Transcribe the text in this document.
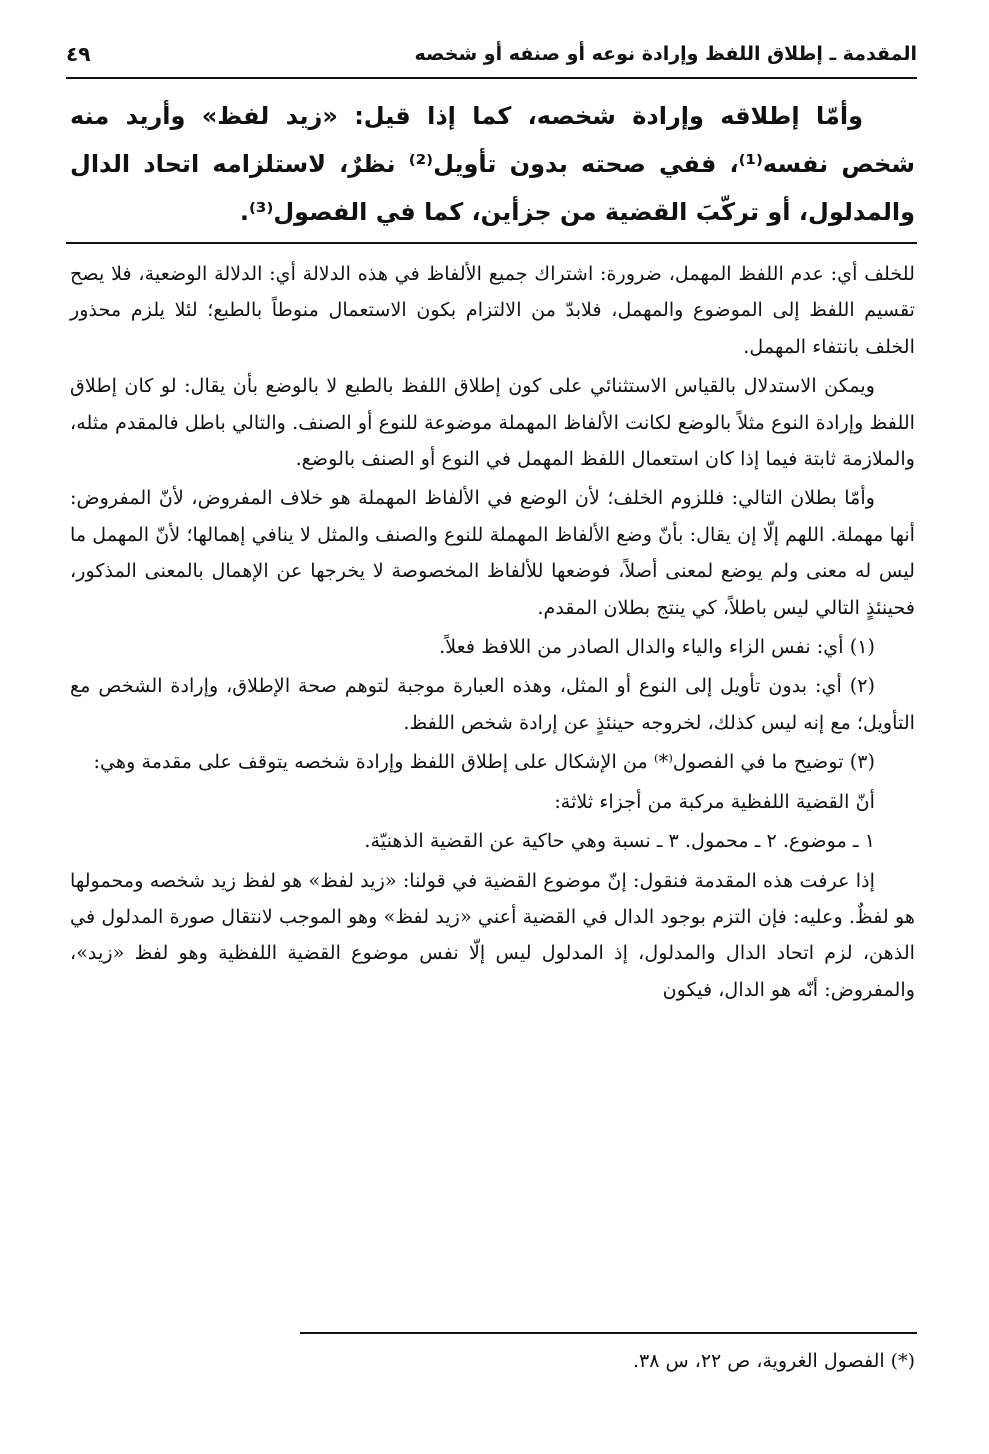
المقدمة ـ إطلاق اللفظ وإرادة نوعه أو صنفه أو شخصه
٤٩

وأمّا إطلاقه وإرادة شخصه، كما إذا قيل: «زيد لفظ» وأريد منه شخص نفسه⁽¹⁾، ففي صحته بدون تأويل⁽²⁾ نظرٌ، لاستلزامه اتحاد الدال والمدلول، أو تركّبَ القضية من جزأين، كما في الفصول⁽³⁾.

للخلف أي: عدم اللفظ المهمل، ضرورة: اشتراك جميع الألفاظ في هذه الدلالة أي: الدلالة الوضعية، فلا يصح تقسيم اللفظ إلى الموضوع والمهمل، فلابدّ من الالتزام بكون الاستعمال منوطاً بالطبع؛ لئلا يلزم محذور الخلف بانتفاء المهمل.

ويمكن الاستدلال بالقياس الاستثنائي على كون إطلاق اللفظ بالطبع لا بالوضع بأن يقال: لو كان إطلاق اللفظ وإرادة النوع مثلاً بالوضع لكانت الألفاظ المهملة موضوعة للنوع أو الصنف. والتالي باطل فالمقدم مثله، والملازمة ثابتة فيما إذا كان استعمال اللفظ المهمل في النوع أو الصنف بالوضع.

وأمّا بطلان التالي: فللزوم الخلف؛ لأن الوضع في الألفاظ المهملة هو خلاف المفروض، لأنّ المفروض: أنها مهملة. اللهم إلّا إن يقال: بأنّ وضع الألفاظ المهملة للنوع والصنف والمثل لا ينافي إهمالها؛ لأنّ المهمل ما ليس له معنى ولم يوضع لمعنى أصلاً، فوضعها للألفاظ المخصوصة لا يخرجها عن الإهمال بالمعنى المذكور، فحينئذٍ التالي ليس باطلاً، كي ينتج بطلان المقدم.

(١) أي: نفس الزاء والياء والدال الصادر من اللافظ فعلاً.

(٢) أي: بدون تأويل إلى النوع أو المثل، وهذه العبارة موجبة لتوهم صحة الإطلاق، وإرادة الشخص مع التأويل؛ مع إنه ليس كذلك، لخروجه حينئذٍ عن إرادة شخص اللفظ.

(٣) توضيح ما في الفصول⁽*⁾ من الإشكال على إطلاق اللفظ وإرادة شخصه يتوقف على مقدمة وهي:

أنّ القضية اللفظية مركبة من أجزاء ثلاثة:

١ ـ موضوع. ٢ ـ محمول. ٣ ـ نسبة وهي حاكية عن القضية الذهنيّة.

إذا عرفت هذه المقدمة فنقول: إنّ موضوع القضية في قولنا: «زيد لفظ» هو لفظ زيد شخصه ومحمولها هو لفظٌ. وعليه: فإن التزم بوجود الدال في القضية أعني «زيد لفظ» وهو الموجب لانتقال صورة المدلول في الذهن، لزم اتحاد الدال والمدلول، إذ المدلول ليس إلّا نفس موضوع القضية اللفظية وهو لفظ «زيد»، والمفروض: أنّه هو الدال، فيكون

(*) الفصول الغروية، ص ٢٢، س ٣٨.
